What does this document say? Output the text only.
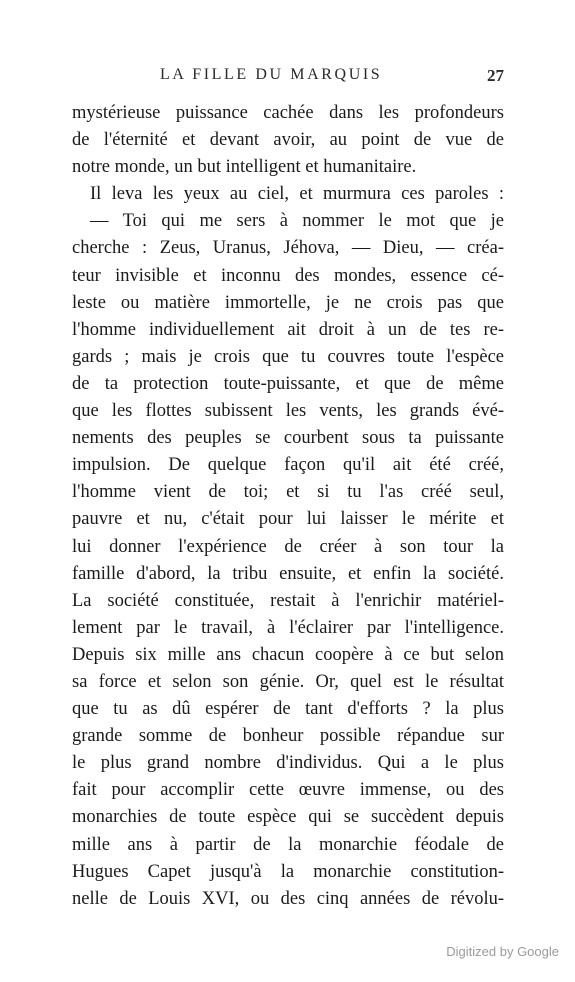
LA FILLE DU MARQUIS	27
mystérieuse puissance cachée dans les profondeurs
de l'éternité et devant avoir, au point de vue de
notre monde, un but intelligent et humanitaire.
Il leva les yeux au ciel, et murmura ces paroles :
— Toi qui me sers à nommer le mot que je
cherche : Zeus, Uranus, Jéhova, — Dieu, — créa-
teur invisible et inconnu des mondes, essence cé-
leste ou matière immortelle, je ne crois pas que
l'homme individuellement ait droit à un de tes re-
gards ; mais je crois que tu couvres toute l'espèce
de ta protection toute-puissante, et que de même
que les flottes subissent les vents, les grands évé-
nements des peuples se courbent sous ta puissante
impulsion. De quelque façon qu'il ait été créé,
l'homme vient de toi; et si tu l'as créé seul,
pauvre et nu, c'était pour lui laisser le mérite et
lui donner l'expérience de créer à son tour la
famille d'abord, la tribu ensuite, et enfin la société.
La société constituée, restait à l'enrichir matériel-
lement par le travail, à l'éclairer par l'intelligence.
Depuis six mille ans chacun coopère à ce but selon
sa force et selon son génie. Or, quel est le résultat
que tu as dû espérer de tant d'efforts ? la plus
grande somme de bonheur possible répandue sur
le plus grand nombre d'individus. Qui a le plus
fait pour accomplir cette œuvre immense, ou des
monarchies de toute espèce qui se succèdent depuis
mille ans à partir de la monarchie féodale de
Hugues Capet jusqu'à la monarchie constitution-
nelle de Louis XVI, ou des cinq années de révolu-
Digitized by Google
